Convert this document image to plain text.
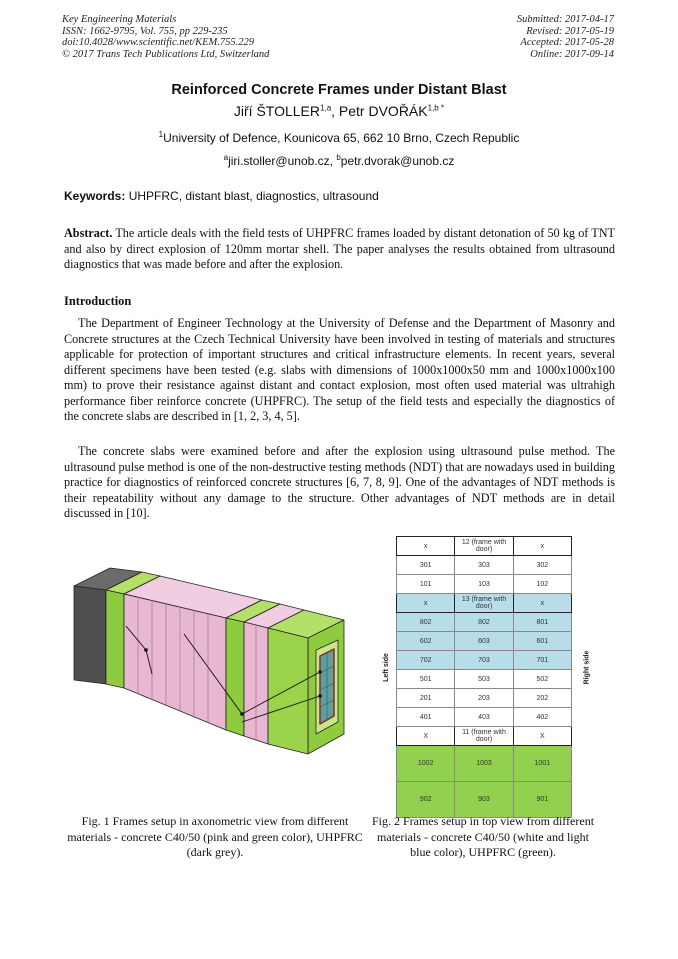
Key Engineering Materials
ISSN: 1662-9795, Vol. 755, pp 229-235
doi:10.4028/www.scientific.net/KEM.755.229
© 2017 Trans Tech Publications Ltd, Switzerland
Submitted: 2017-04-17
Revised: 2017-05-19
Accepted: 2017-05-28
Online: 2017-09-14
Reinforced Concrete Frames under Distant Blast
Jiří ŠTOLLER$^{1,a}$, Petr $DVOŘÁK^{1,b *}$
$^1$University of Defence, Kounicova 65, 662 10 Brno, Czech Republic
$^a$jiri.stoller@unob.cz, $^b$petr.dvorak@unob.cz
Keywords: UHPFRC, distant blast, diagnostics, ultrasound
Abstract. The article deals with the field tests of UHPFRC frames loaded by distant detonation of 50 kg of TNT and also by direct explosion of 120mm mortar shell. The paper analyses the results obtained from ultrasound diagnostics that was made before and after the explosion.
Introduction
The Department of Engineer Technology at the University of Defense and the Department of Masonry and Concrete structures at the Czech Technical University have been involved in testing of materials and structures applicable for protection of important structures and critical infrastructure elements. In recent years, several different specimens have been tested (e.g. slabs with dimensions of 1000x1000x50 mm and 1000x1000x100 mm) to prove their resistance against distant and contact explosion, most often used material was ultrahigh performance fiber reinforce concrete (UHPFRC). The setup of the field tests and especially the diagnostics of the concrete slabs are described in [1, 2, 3, 4, 5].
The concrete slabs were examined before and after the explosion using ultrasound pulse method. The ultrasound pulse method is one of the non-destructive testing methods (NDT) that are nowadays used in building practice for diagnostics of reinforced concrete structures [6, 7, 8, 9]. One of the advantages of NDT methods is their repeatability without any damage to the structure. Other advantages of NDT methods are in detail discussed in [10].
x	12 (frame with door)	x
301	303	302
101	103	102
x	13 (frame with door)	x
802	802	801
602	603	601
702	703	701
501	503	502
201	203	202
401	403	402
X	11 (frame with door)	X
1002	1003	1001
902	903	901
Left side	Right side
Fig. 1 Frames setup in axonometric view from different materials - concrete C40/50 (pink and green color), UHPFRC (dark grey).
Fig. 2 Frames setup in top view from different materials - concrete C40/50 (white and light blue color), UHPFRC (green).
